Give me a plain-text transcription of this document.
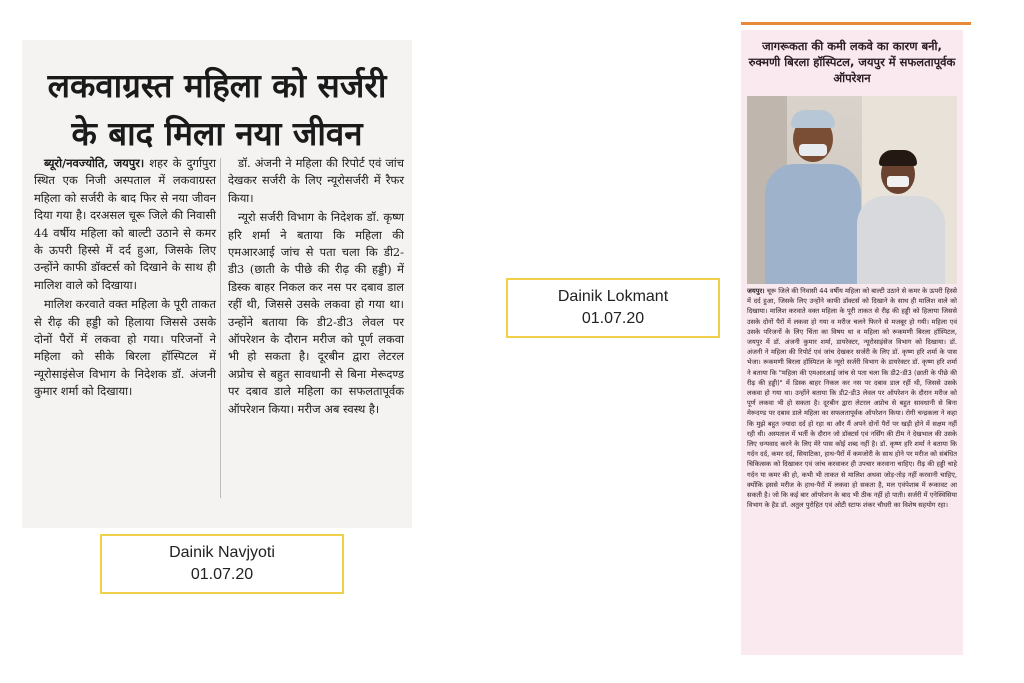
लकवाग्रस्त महिला को सर्जरी
के बाद मिला नया जीवन

ब्यूरो/नवज्योति, जयपुर। शहर के दुर्गापुरा स्थित एक निजी अस्पताल में लकवाग्रस्त महिला को सर्जरी के बाद फिर से नया जीवन दिया गया है। दरअसल चूरू जिले की निवासी 44 वर्षीय महिला को बाल्टी उठाने से कमर के ऊपरी हिस्से में दर्द हुआ, जिसके लिए उन्होंने काफी डॉक्टर्स को दिखाने के साथ ही मालिश वाले को दिखाया।

मालिश करवाते वक्त महिला के पूरी ताकत से रीढ़ की हड्डी को हिलाया जिससे उसके दोनों पैरों में लकवा हो गया। परिजनों ने महिला को सीके बिरला हॉस्पिटल में न्यूरोसाइंसेज विभाग के निदेशक डॉ. अंजनी कुमार शर्मा को दिखाया।

डॉ. अंजनी ने महिला की रिपोर्ट एवं जांच देखकर सर्जरी के लिए न्यूरोसर्जरी में रैफर किया।

न्यूरो सर्जरी विभाग के निदेशक डॉ. कृष्ण हरि शर्मा ने बताया कि महिला की एमआरआई जांच से पता चला कि डी2-डी3 (छाती के पीछे की रीढ़ की हड्डी) में डिस्क बाहर निकल कर नस पर दबाव डाल रहीं थी, जिससे उसके लकवा हो गया था। उन्होंने बताया कि डी2-डी3 लेवल पर ऑपरेशन के दौरान मरीज को पूर्ण लकवा भी हो सकता है। दूरबीन द्वारा लेटरल अप्रोच से बहुत सावधानी से बिना मेरूदण्ड पर दबाव डाले महिला का सफलतापूर्वक ऑपरेशन किया। मरीज अब स्वस्थ है।

Dainik Navjyoti
01.07.20
Dainik Lokmant
01.07.20
जागरूकता की कमी लकवे का कारण बनी, रुक्मणी बिरला हॉस्पिटल, जयपुर में सफलतापूर्वक ऑपरेशन

जयपुर। चूरू जिले की निवासी 44 वर्षीय महिला को बाल्टी उठाने से कमर के ऊपरी हिस्से में दर्द हुआ, जिसके लिए उन्होंने काफी डॉक्टर्स को दिखाने के साथ ही मालिश वाले को दिखाया। मालिश करवाते वक्त महिला के पूरी ताकत से रीढ़ की हड्डी को हिलाया जिससे उसके दोनों पैरों में लकवा हो गया व मरीज चलने फिरने से मजबूर हो गयी। महिला एवं उसके परिजनों के लिए चिंता का विषय था व महिला को रूकमणी बिरला हॉस्पिटल, जयपुर में डॉ. अंजनी कुमार शर्मा, डायरेक्टर, न्यूरोसाइंसेज विभाग को दिखाया। डॉ. अंजनी ने महिला की रिपोर्ट एवं जांच देखकर सर्जरी के लिए डॉ. कृष्ण हरि शर्मा के पास भेजा। रूकमणी बिरला हॉस्पिटल के न्यूरो सर्जरी विभाग के डायरेक्टर डॉ. कृष्ण हरि शर्मा ने बताया कि "महिला की एमआरआई जांच से पता चला कि डी2-डी3 (छाती के पीछे की रीढ़ की हड्डी)" में डिस्क बाहर निकल कर नस पर दबाव डाल रहीं थी, जिससे उसके लकवा हो गया था। उन्होंने बताया कि डी2-डी3 लेवल पर ऑपरेशन के दौरान मरीज को पूर्ण लकवा भी हो सकता है। दूरबीन द्वारा लेटरल अप्रोच से बहुत सावधानी से बिना मेरूदण्ड पर दबाव डाले महिला का सफलतापूर्वक ऑपरेशन किया। रोगी चन्द्रकला ने कहा कि मुझे बहुत ज्यादा दर्द हो रहा था और मैं अपने दोनों पैरों पर खड़ी होने में सक्षम नहीं रही थी। अस्पताल में भर्ती के दौरान जो डॉक्टर्स एवं नर्सिंग की टीम ने देखभाल की उसके लिए धन्यवाद करने के लिए मेरे पास कोई शब्द नहीं है। डॉ. कृष्ण हरि शर्मा ने बताया कि गर्दन दर्द, कमर दर्द, सियाटिका, हाथ-पैरों में कमजोरी के साथ होने पर मरीज को संबंधित चिकित्सक को दिखाकर एवं जांच करवाकर ही उपचार करवाना चाहिए। रीढ़ की हड्डी चाहे गर्दन या कमर की हो, कभी भी ताकत से मालिश अथवा जोड़-तोड़ नहीं करवानी चाहिए, क्योंकि इससे मरीज के हाथ-पैरों में लकवा हो सकता है, मल एवंपेशाब में रूकावट आ सकती है। जो कि कई बार ऑपरेशन के बाद भी ठीक नहीं हो पाती। सर्जरी में एनेस्थिसिया विभाग के हैड डॉ. अतुल पुरोहित एवं ओटी स्टाफ शंकर चौधरी का विशेष सहयोग रहा।
